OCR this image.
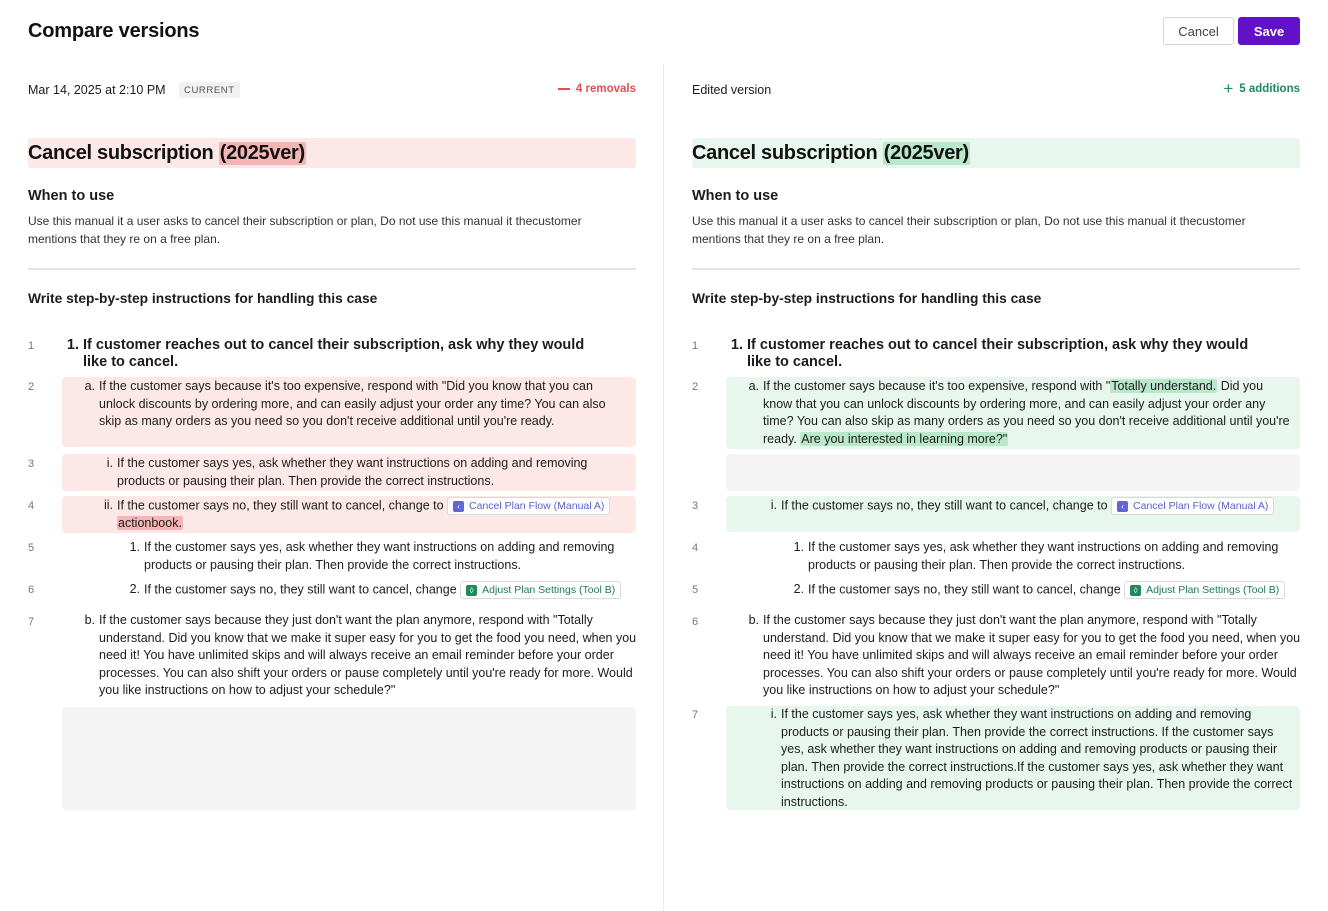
Compare versions	Cancel	Save
Mar 14, 2025 at 2:10 PM	CURRENT	4 removals
Cancel subscription (2025ver)
When to use
Use this manual it a user asks to cancel their subscription or plan, Do not use this manual it thecustomer mentions that they re on a free plan.
Write step-by-step instructions for handling this case
1
2
3
4
5
6
7
1. If customer reaches out to cancel their subscription, ask why they would like to cancel.
a. If the customer says because it's too expensive, respond with "Did you know that you can unlock discounts by ordering more, and can easily adjust your order any time? You can also skip as many orders as you need so you don't receive additional until you're ready.
i. If the customer says yes, ask whether they want instructions on adding and removing products or pausing their plan. Then provide the correct instructions.
ii. If the customer says no, they still want to cancel, change to	‹ Cancel Plan Flow (Manual A)
actionbook.
1. If the customer says yes, ask whether they want instructions on adding and removing products or pausing their plan. Then provide the correct instructions.
2. If the customer says no, they still want to cancel, change	◊ Adjust Plan Settings (Tool B)
b. If the customer says because they just don't want the plan anymore, respond with "Totally understand. Did you know that we make it super easy for you to get the food you need, when you need it! You have unlimited skips and will always receive an email reminder before your order processes. You can also shift your orders or pause completely until you're ready for more. Would you like instructions on how to adjust your schedule?"
Edited version	+ 5 additions
Cancel subscription (2025ver)
When to use
Use this manual it a user asks to cancel their subscription or plan, Do not use this manual it thecustomer mentions that they re on a free plan.
Write step-by-step instructions for handling this case
1
2
3
4
5
6
7
1. If customer reaches out to cancel their subscription, ask why they would like to cancel.
a. If the customer says because it's too expensive, respond with "Totally understand. Did you know that you can unlock discounts by ordering more, and can easily adjust your order any time? You can also skip as many orders as you need so you don't receive additional until you're ready. Are you interested in learning more?"
i. If the customer says no, they still want to cancel, change to	‹ Cancel Plan Flow (Manual A)
1. If the customer says yes, ask whether they want instructions on adding and removing products or pausing their plan. Then provide the correct instructions.
2. If the customer says no, they still want to cancel, change	◊ Adjust Plan Settings (Tool B)
b. If the customer says because they just don't want the plan anymore, respond with "Totally understand. Did you know that we make it super easy for you to get the food you need, when you need it! You have unlimited skips and will always receive an email reminder before your order processes. You can also shift your orders or pause completely until you're ready for more. Would you like instructions on how to adjust your schedule?"
i. If the customer says yes, ask whether they want instructions on adding and removing products or pausing their plan. Then provide the correct instructions. If the customer says yes, ask whether they want instructions on adding and removing products or pausing their plan. Then provide the correct instructions.If the customer says yes, ask whether they want instructions on adding and removing products or pausing their plan. Then provide the correct instructions.
